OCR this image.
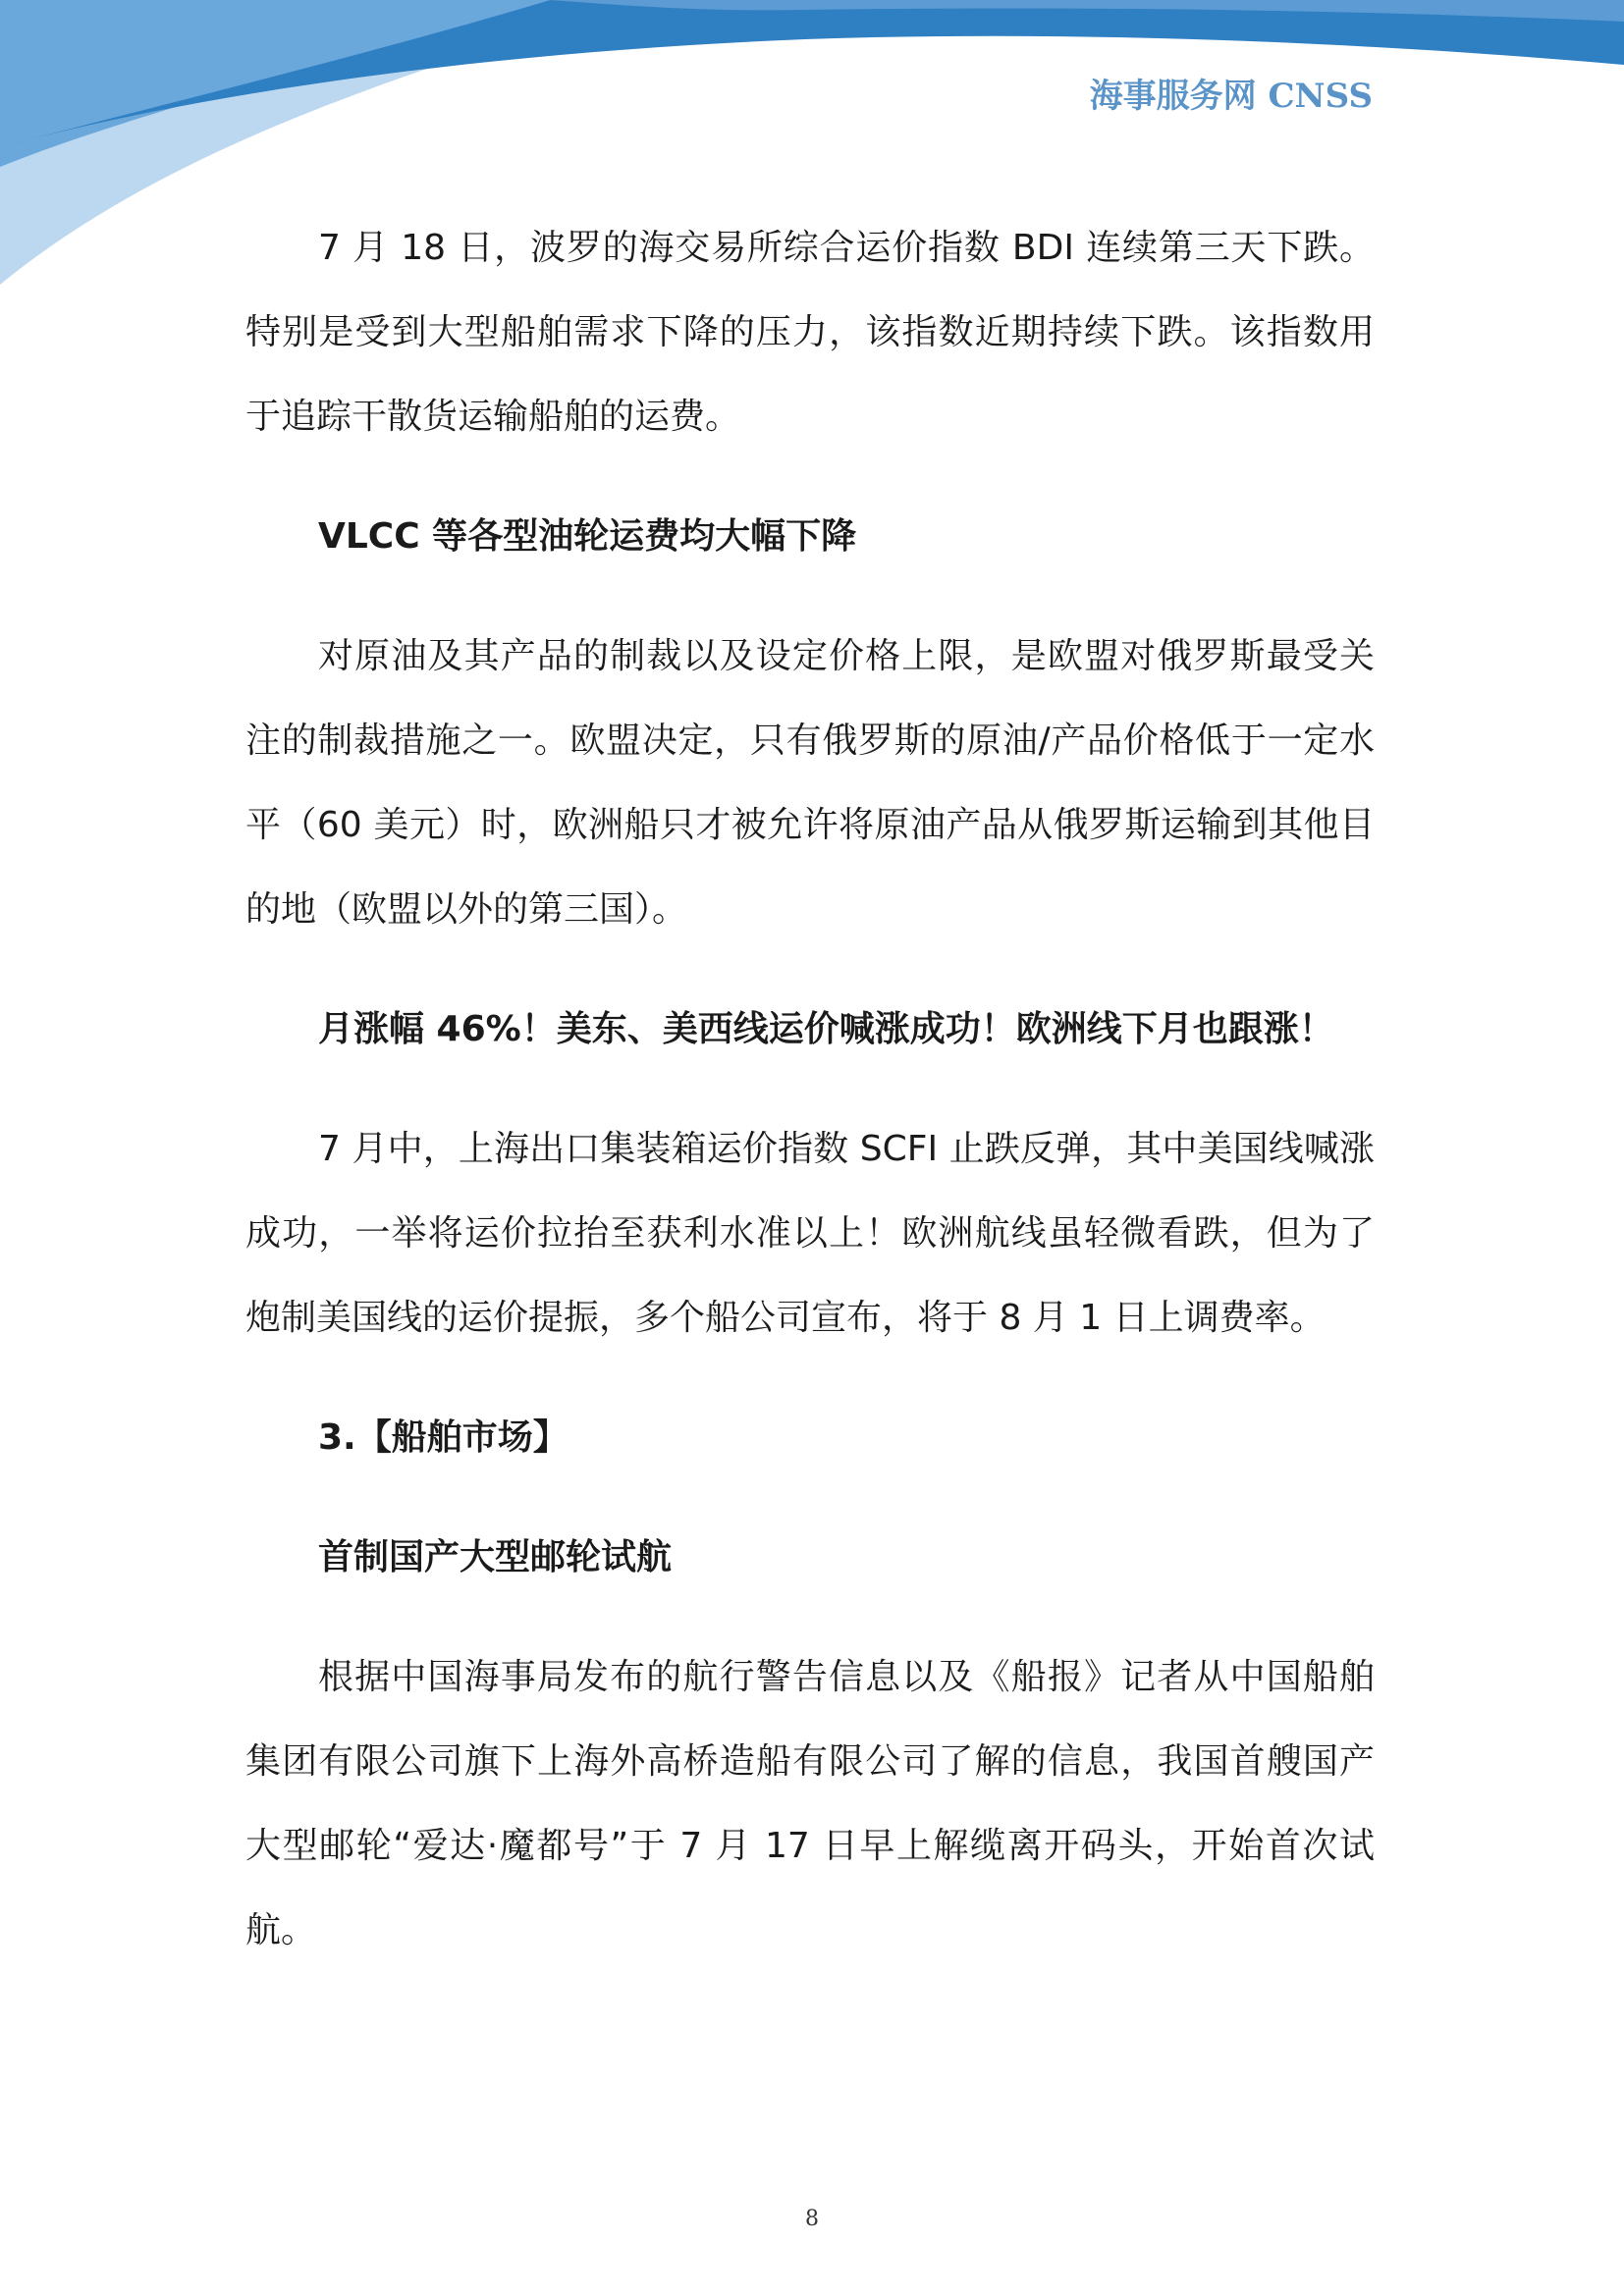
海事服务网 CNSS

7 月 18 日，波罗的海交易所综合运价指数 BDI 连续第三天下跌。特别是受到大型船舶需求下降的压力，该指数近期持续下跌。该指数用于追踪干散货运输船舶的运费。

VLCC 等各型油轮运费均大幅下降

对原油及其产品的制裁以及设定价格上限，是欧盟对俄罗斯最受关注的制裁措施之一。欧盟决定，只有俄罗斯的原油/产品价格低于一定水平（60 美元）时，欧洲船只才被允许将原油产品从俄罗斯运输到其他目的地（欧盟以外的第三国）。

月涨幅 46%！美东、美西线运价喊涨成功！欧洲线下月也跟涨！

7 月中，上海出口集装箱运价指数 SCFI 止跌反弹，其中美国线喊涨成功，一举将运价拉抬至获利水准以上！欧洲航线虽轻微看跌，但为了炮制美国线的运价提振，多个船公司宣布，将于 8 月 1 日上调费率。

3.【船舶市场】

首制国产大型邮轮试航

根据中国海事局发布的航行警告信息以及《船报》记者从中国船舶集团有限公司旗下上海外高桥造船有限公司了解的信息，我国首艘国产大型邮轮“爱达·魔都号”于 7 月 17 日早上解缆离开码头，开始首次试航。

8
